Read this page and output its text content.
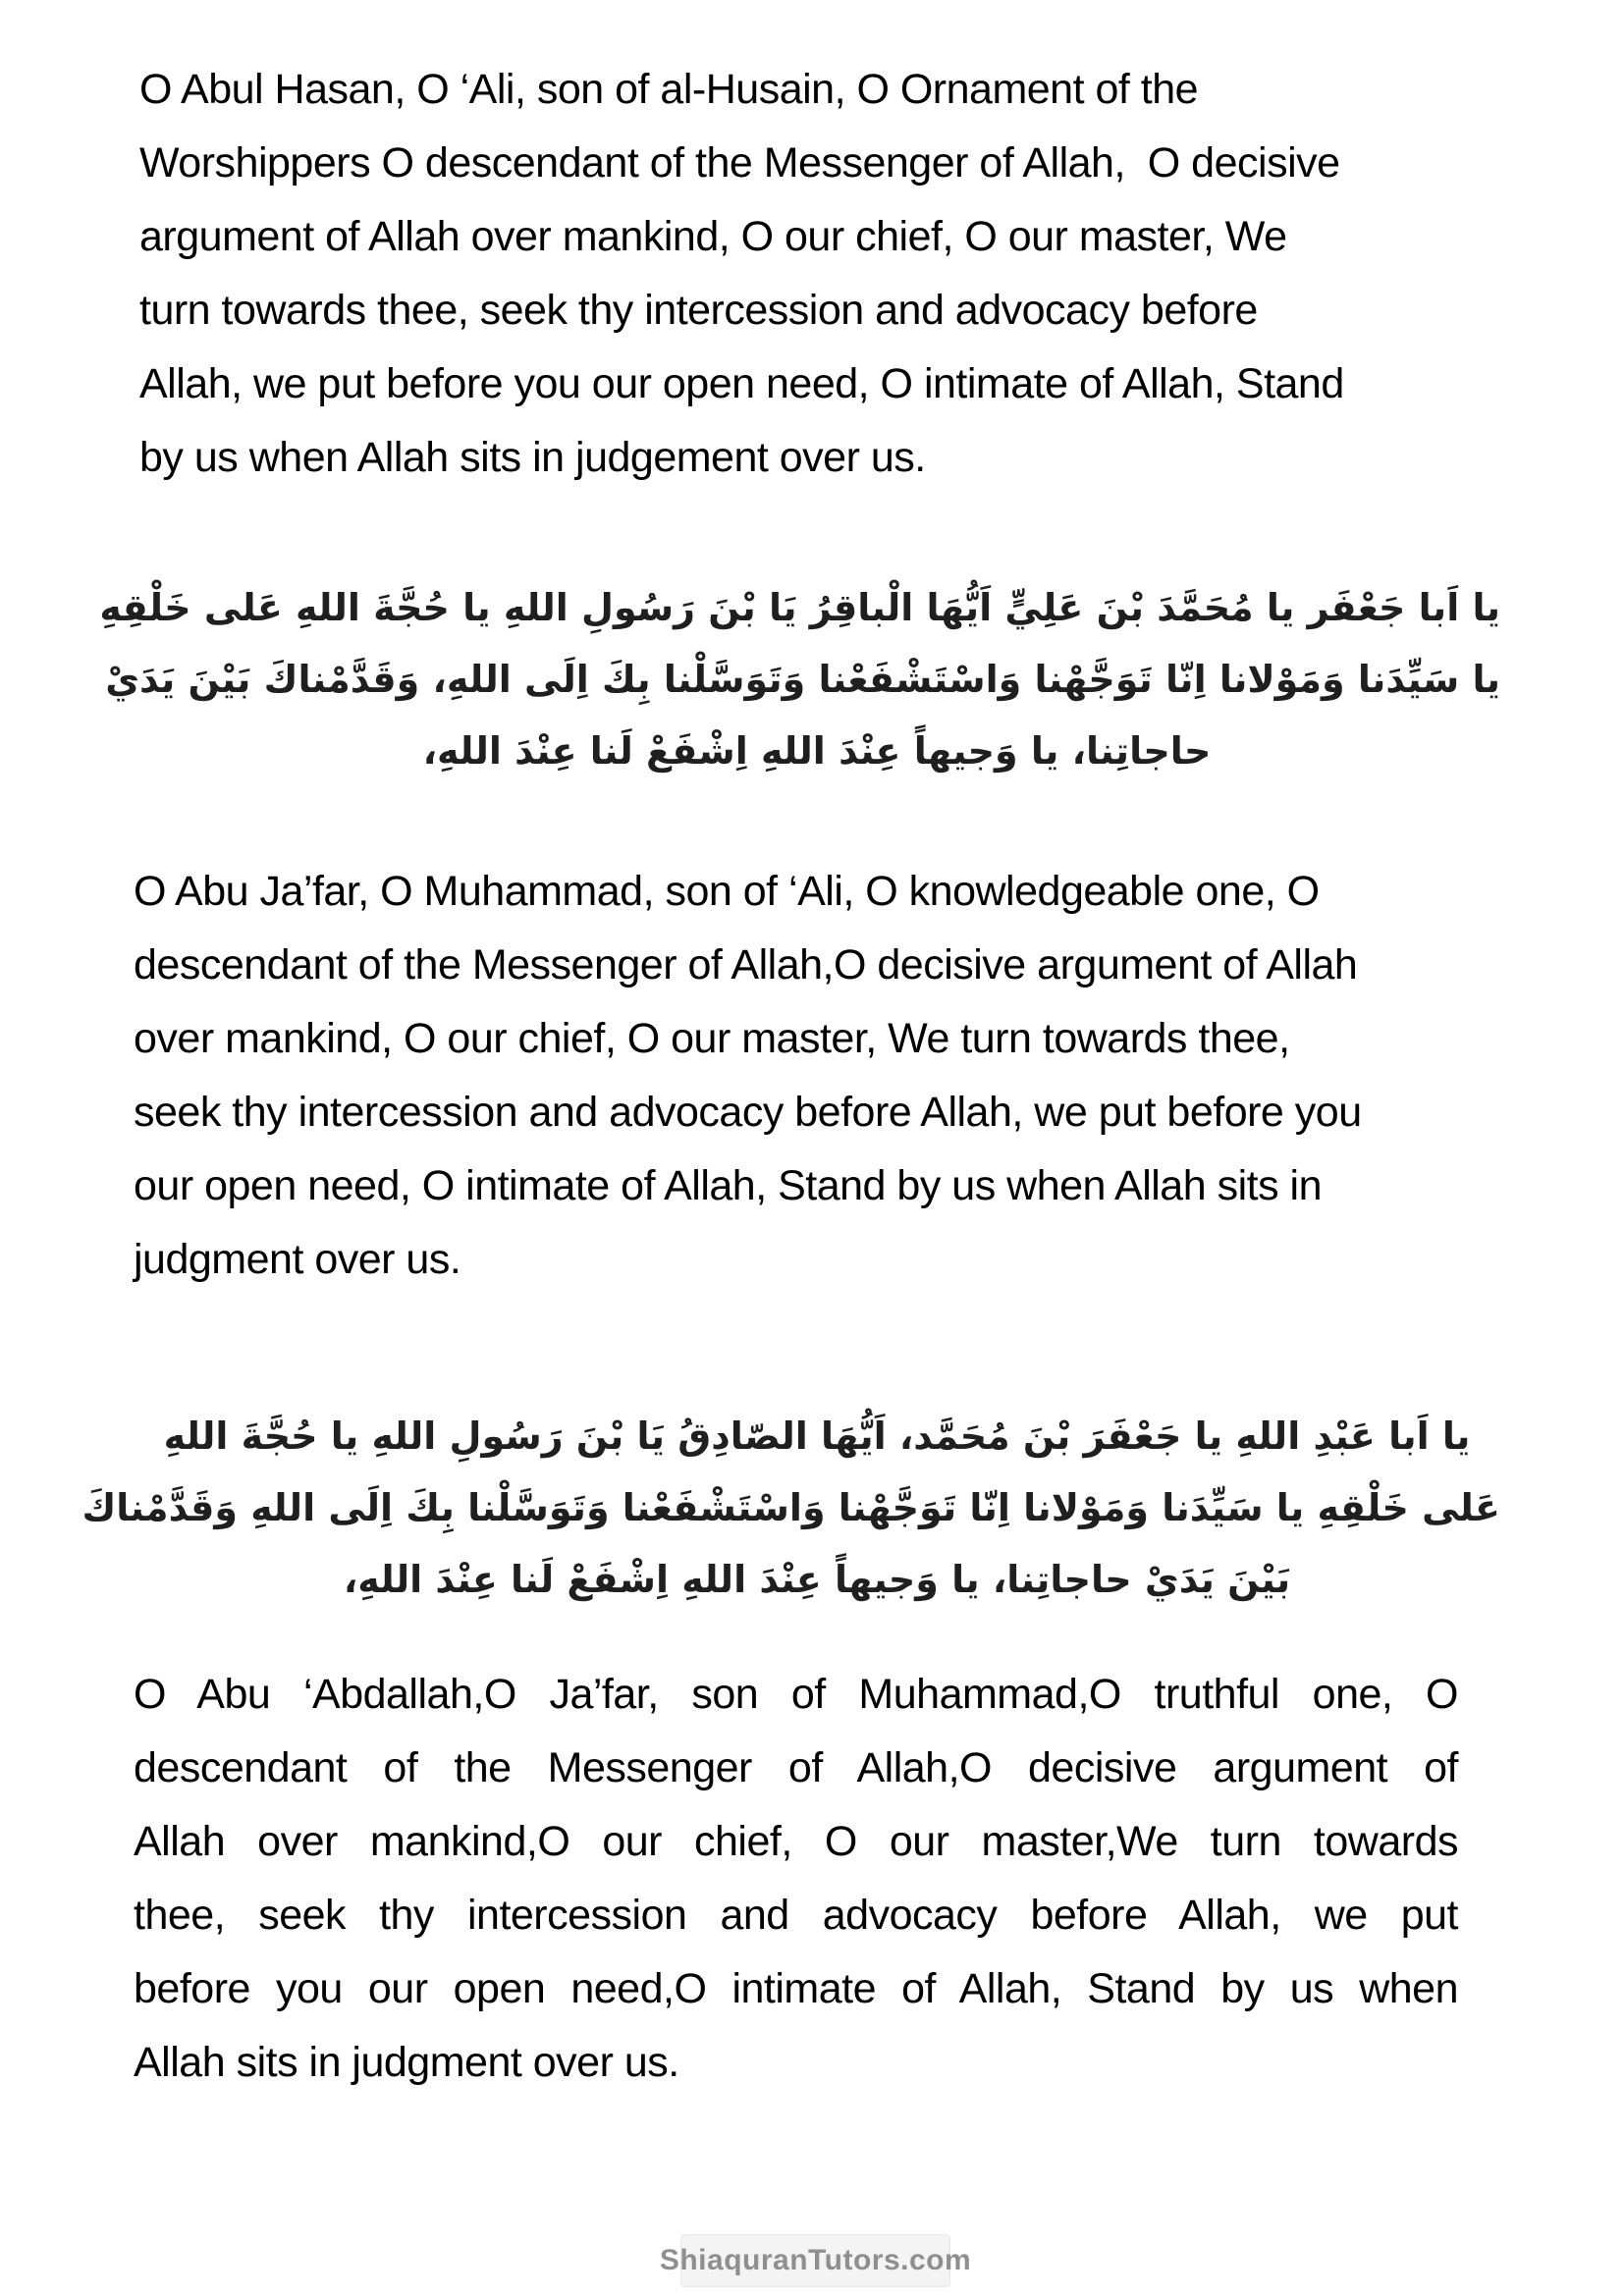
O Abul Hasan, O ‘Ali, son of al-Husain, O Ornament of the
Worshippers O descendant of the Messenger of Allah,  O decisive
argument of Allah over mankind, O our chief, O our master, We
turn towards thee, seek thy intercession and advocacy before
Allah, we put before you our open need, O intimate of Allah, Stand
by us when Allah sits in judgement over us.
يا اَبا جَعْفَر يا مُحَمَّدَ بْنَ عَلِيٍّ اَيُّهَا الْباقِرُ يَا بْنَ رَسُولِ اللهِ يا حُجَّةَ اللهِ عَلى خَلْقِهِ
يا سَيِّدَنا وَمَوْلانا اِنّا تَوَجَّهْنا وَاسْتَشْفَعْنا وَتَوَسَّلْنا بِكَ اِلَى اللهِ، وَقَدَّمْناكَ بَيْنَ يَدَيْ
حاجاتِنا، يا وَجيهاً عِنْدَ اللهِ اِشْفَعْ لَنا عِنْدَ اللهِ،
O Abu Ja’far, O Muhammad, son of ‘Ali, O knowledgeable one, O
descendant of the Messenger of Allah,O decisive argument of Allah
over mankind, O our chief, O our master, We turn towards thee,
seek thy intercession and advocacy before Allah, we put before you
our open need, O intimate of Allah, Stand by us when Allah sits in
judgment over us.
يا اَبا عَبْدِ اللهِ يا جَعْفَرَ بْنَ مُحَمَّد، اَيُّهَا الصّادِقُ يَا بْنَ رَسُولِ اللهِ يا حُجَّةَ اللهِ
عَلى خَلْقِهِ يا سَيِّدَنا وَمَوْلانا اِنّا تَوَجَّهْنا وَاسْتَشْفَعْنا وَتَوَسَّلْنا بِكَ اِلَى اللهِ وَقَدَّمْناكَ
بَيْنَ يَدَيْ حاجاتِنا، يا وَجيهاً عِنْدَ اللهِ اِشْفَعْ لَنا عِنْدَ اللهِ،
O Abu ‘Abdallah,O Ja’far, son of Muhammad,O truthful one, O
descendant of the Messenger of Allah,O decisive argument of
Allah over mankind,O our chief, O our master,We turn towards
thee, seek thy intercession and advocacy before Allah, we put
before you our open need,O intimate of Allah, Stand by us when
Allah sits in judgment over us.
ShiaquranTutors.com
